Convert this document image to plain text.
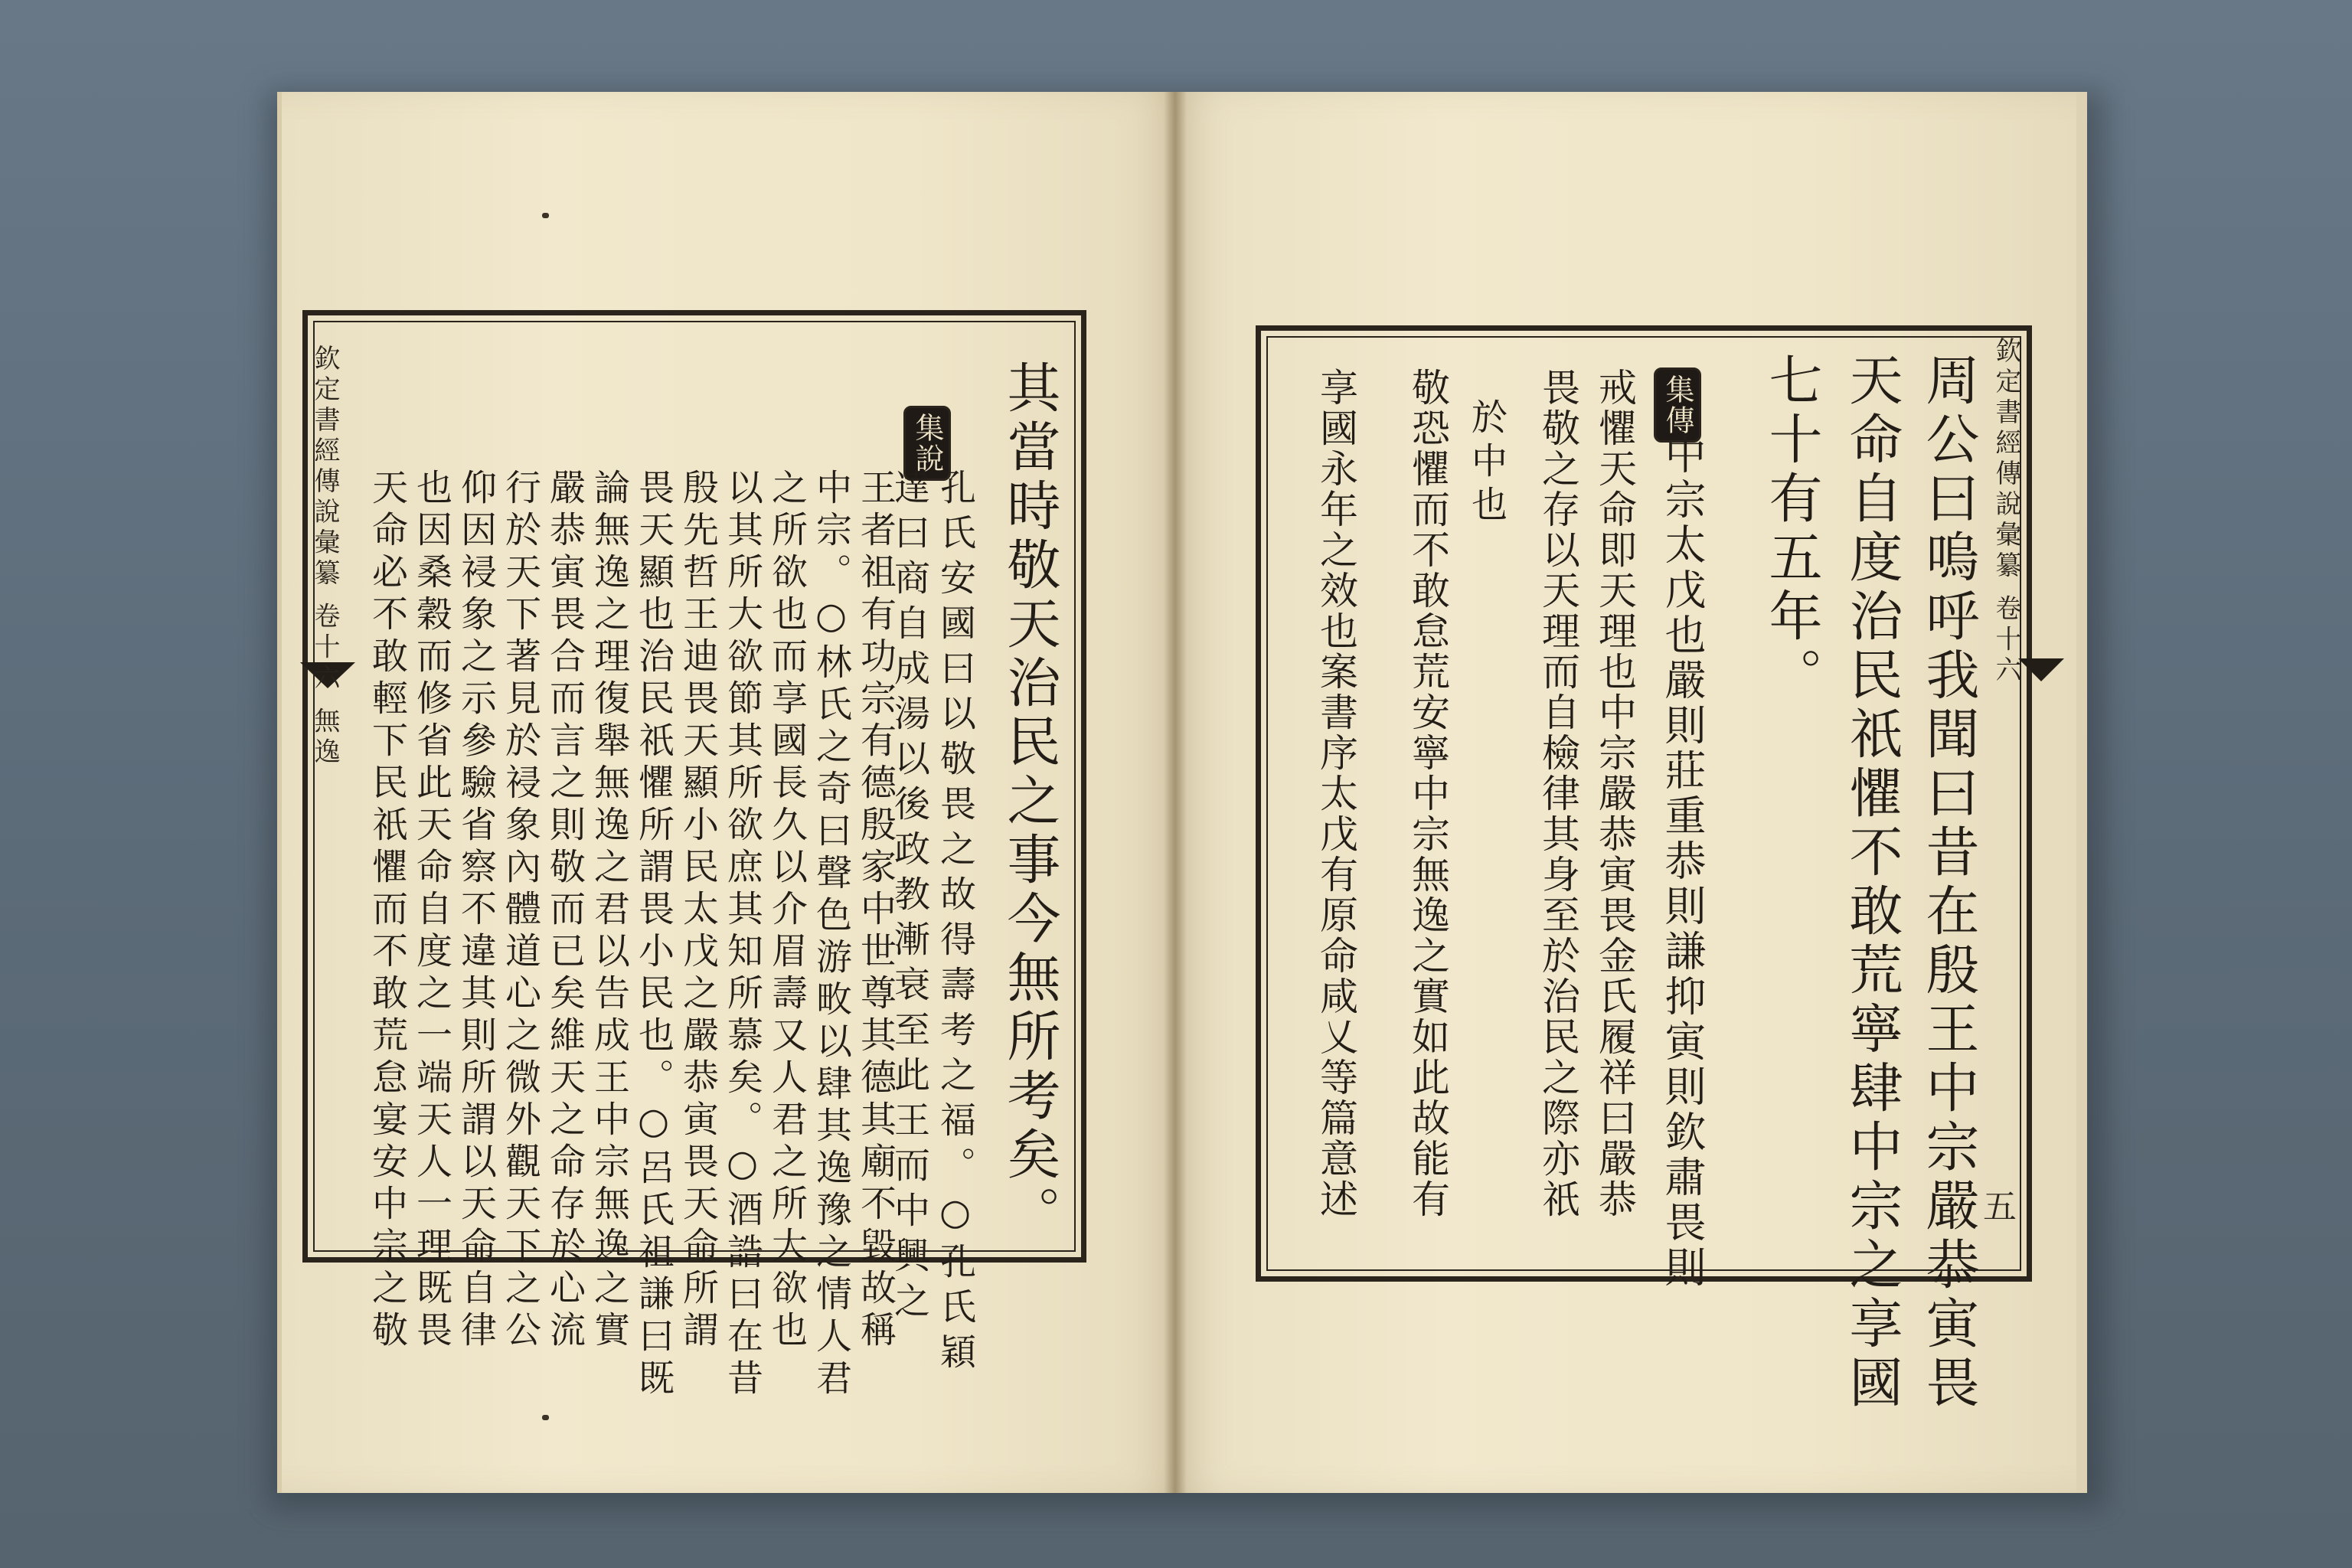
欽定書經傳說彙纂 卷十六 無逸	其當時敬天治民之事今無所考矣。
集說
孔氏安國曰以敬畏之故得壽考之福。○孔氏穎
達曰商自成湯以後政教漸衰至此王而中興之
王者祖有功宗有德殷家中世尊其德其廟不毀故稱
中宗。○林氏之奇曰聲色游畋以肆其逸豫之情人君
之所欲也而享國長久以介眉壽又人君之所大欲也
以其所大欲節其所欲庶其知所慕矣。○酒誥曰在昔
殷先哲王迪畏天顯小民太戊之嚴恭寅畏天命所謂
畏天顯也治民祇懼所謂畏小民也。○呂氏祖謙曰既
論無逸之理復舉無逸之君以告成王中宗無逸之實
嚴恭寅畏合而言之則敬而已矣維天之命存於心流
行於天下著見於祲象內體道心之微外觀天下之公
仰因祲象之示參驗省察不違其則所謂以天命自律
也因桑穀而修省此天命自度之一端天人一理既畏
天命必不敢輕下民祇懼而不敢荒怠宴安中宗之敬	欽定書經傳說彙纂 卷十六
五
周公曰嗚呼我聞曰昔在殷王中宗嚴恭寅畏
天命自度治民祇懼不敢荒寧肆中宗之享國
七十有五年。
集傳
中宗太戊也嚴則莊重恭則謙抑寅則欽肅畏則
戒懼天命即天理也中宗嚴恭寅畏金氏履祥曰嚴恭
畏敬之存以天理而自檢律其身至於治民之際亦祇
於中也
敬恐懼而不敢怠荒安寧中宗無逸之實如此故能有
享國永年之效也案書序太戊有原命咸乂等篇意述
